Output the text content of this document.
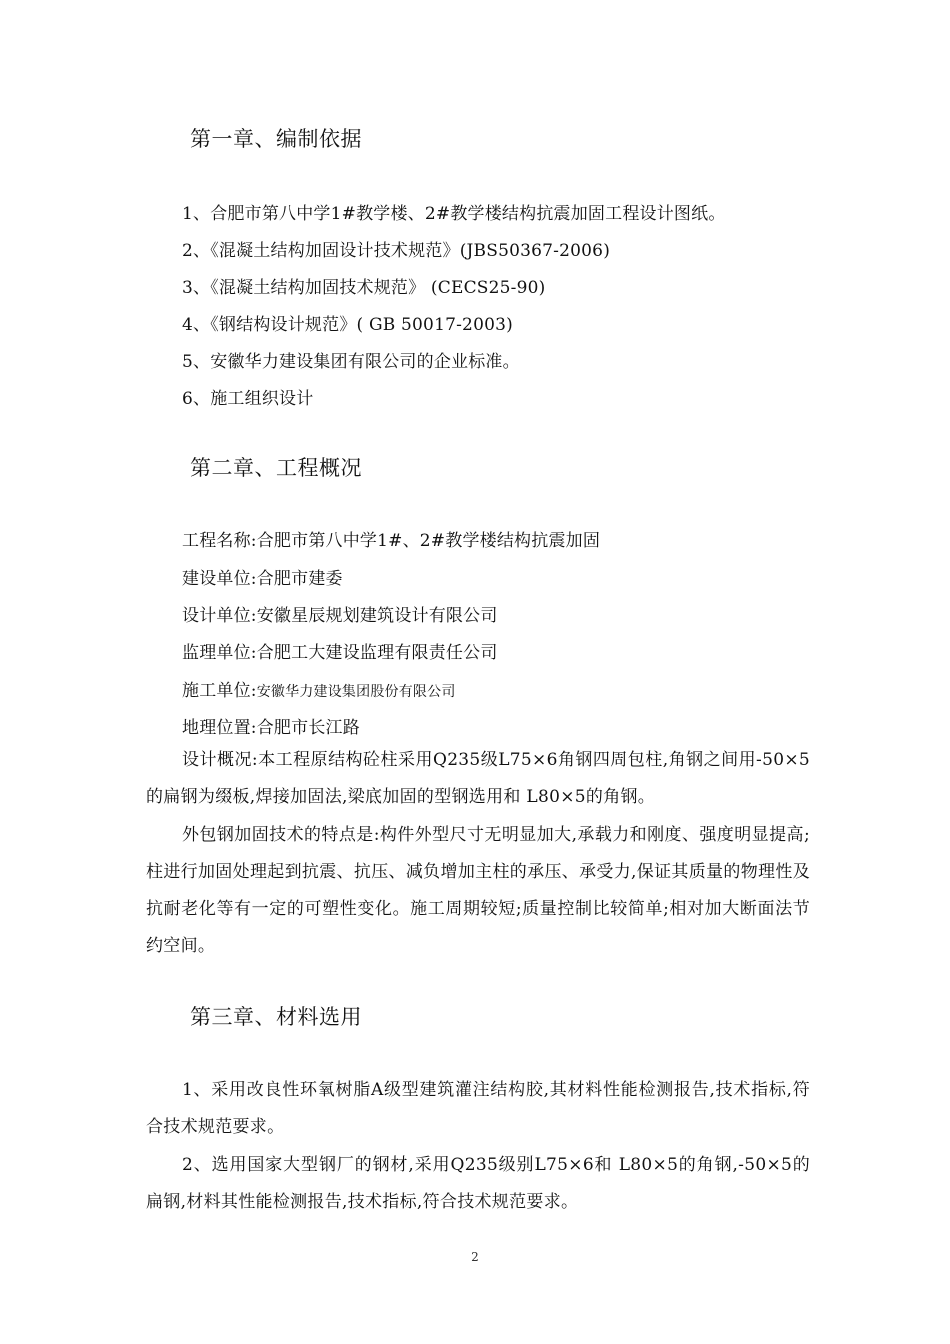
第一章、编制依据
1、合肥市第八中学1#教学楼、2#教学楼结构抗震加固工程设计图纸。
2、《混凝土结构加固设计技术规范》(JBS50367-2006)
3、《混凝土结构加固技术规范》 (CECS25-90)
4、《钢结构设计规范》( GB 50017-2003)
5、安徽华力建设集团有限公司的企业标准。
6、施工组织设计
第二章、工程概况
工程名称:合肥市第八中学1#、2#教学楼结构抗震加固
建设单位:合肥市建委
设计单位:安徽星辰规划建筑设计有限公司
监理单位:合肥工大建设监理有限责任公司
施工单位:安徽华力建设集团股份有限公司
地理位置:合肥市长江路
设计概况:本工程原结构砼柱采用Q235级L75×6角钢四周包柱,角钢之间用-50×5的扁钢为缀板,焊接加固法,梁底加固的型钢选用和 L80×5的角钢。
外包钢加固技术的特点是:构件外型尺寸无明显加大,承载力和刚度、强度明显提高; 柱进行加固处理起到抗震、抗压、减负增加主柱的承压、承受力,保证其质量的物理性及抗耐老化等有一定的可塑性变化。施工周期较短;质量控制比较简单;相对加大断面法节约空间。
第三章、材料选用
1、采用改良性环氧树脂A级型建筑灌注结构胶,其材料性能检测报告,技术指标,符合技术规范要求。
2、选用国家大型钢厂的钢材,采用Q235级别L75×6和 L80×5的角钢,-50×5的扁钢,材料其性能检测报告,技术指标,符合技术规范要求。
2
